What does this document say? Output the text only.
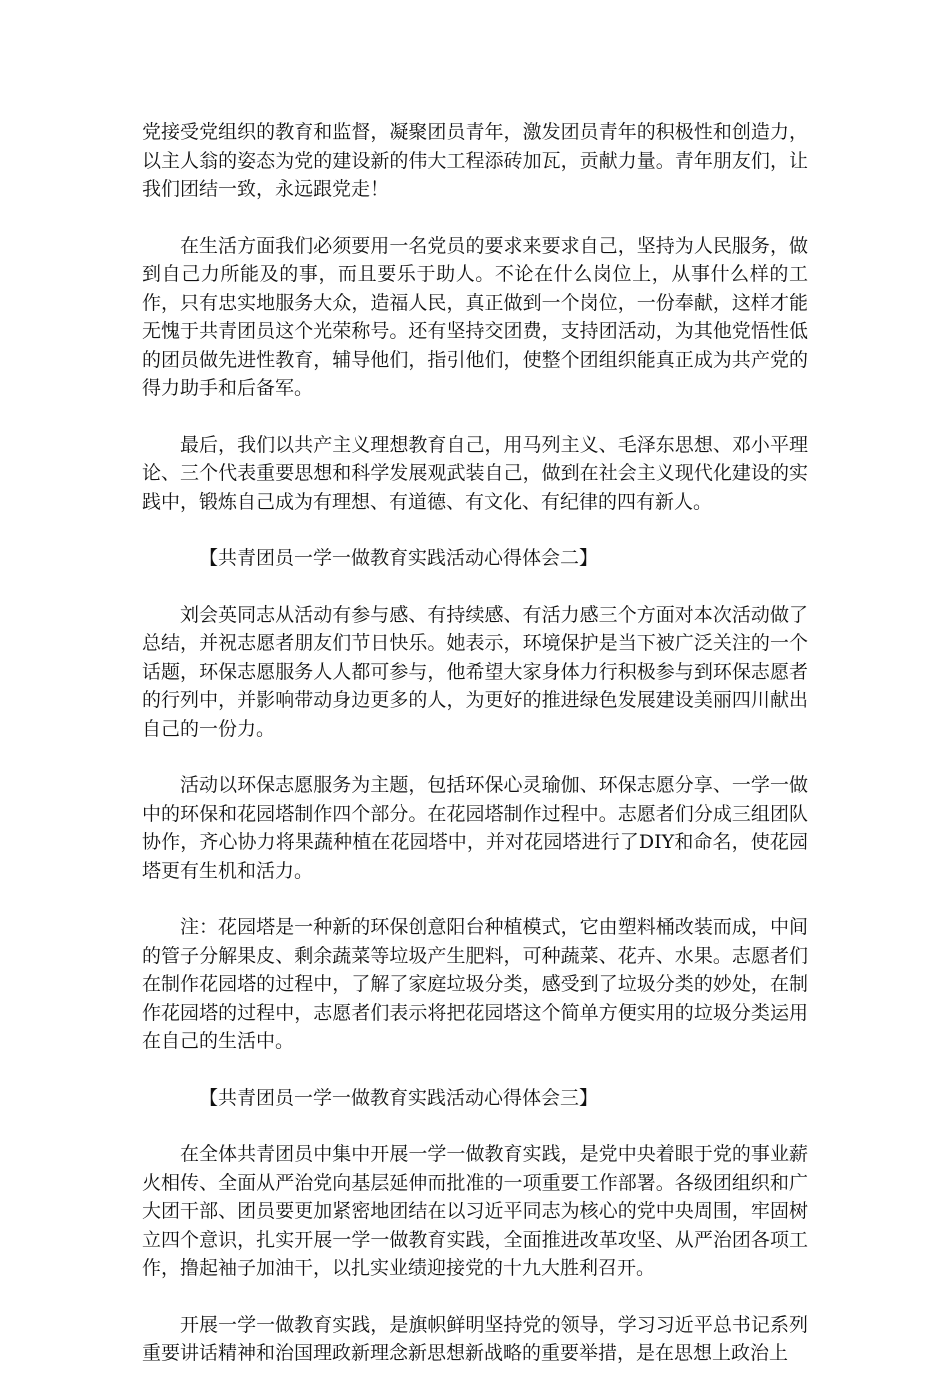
党接受党组织的教育和监督，凝聚团员青年，激发团员青年的积极性和创造力，以主人翁的姿态为党的建设新的伟大工程添砖加瓦，贡献力量。青年朋友们，让我们团结一致，永远跟党走！

在生活方面我们必须要用一名党员的要求来要求自己，坚持为人民服务，做到自己力所能及的事，而且要乐于助人。不论在什么岗位上，从事什么样的工作，只有忠实地服务大众，造福人民，真正做到一个岗位，一份奉献，这样才能无愧于共青团员这个光荣称号。还有坚持交团费，支持团活动，为其他党悟性低的团员做先进性教育，辅导他们，指引他们，使整个团组织能真正成为共产党的得力助手和后备军。

最后，我们以共产主义理想教育自己，用马列主义、毛泽东思想、邓小平理论、三个代表重要思想和科学发展观武装自己，做到在社会主义现代化建设的实践中，锻炼自己成为有理想、有道德、有文化、有纪律的四有新人。

【共青团员一学一做教育实践活动心得体会二】

刘会英同志从活动有参与感、有持续感、有活力感三个方面对本次活动做了总结，并祝志愿者朋友们节日快乐。她表示，环境保护是当下被广泛关注的一个话题，环保志愿服务人人都可参与，他希望大家身体力行积极参与到环保志愿者的行列中，并影响带动身边更多的人，为更好的推进绿色发展建设美丽四川献出自己的一份力。

活动以环保志愿服务为主题，包括环保心灵瑜伽、环保志愿分享、一学一做中的环保和花园塔制作四个部分。在花园塔制作过程中。志愿者们分成三组团队协作，齐心协力将果蔬种植在花园塔中，并对花园塔进行了DIY和命名，使花园塔更有生机和活力。

注：花园塔是一种新的环保创意阳台种植模式，它由塑料桶改装而成，中间的管子分解果皮、剩余蔬菜等垃圾产生肥料，可种蔬菜、花卉、水果。志愿者们在制作花园塔的过程中，了解了家庭垃圾分类，感受到了垃圾分类的妙处，在制作花园塔的过程中，志愿者们表示将把花园塔这个简单方便实用的垃圾分类运用在自己的生活中。

【共青团员一学一做教育实践活动心得体会三】

在全体共青团员中集中开展一学一做教育实践，是党中央着眼于党的事业薪火相传、全面从严治党向基层延伸而批准的一项重要工作部署。各级团组织和广大团干部、团员要更加紧密地团结在以习近平同志为核心的党中央周围，牢固树立四个意识，扎实开展一学一做教育实践，全面推进改革攻坚、从严治团各项工作，撸起袖子加油干，以扎实业绩迎接党的十九大胜利召开。

开展一学一做教育实践，是旗帜鲜明坚持党的领导，学习习近平总书记系列重要讲话精神和治国理政新理念新思想新战略的重要举措，是在思想上政治上
